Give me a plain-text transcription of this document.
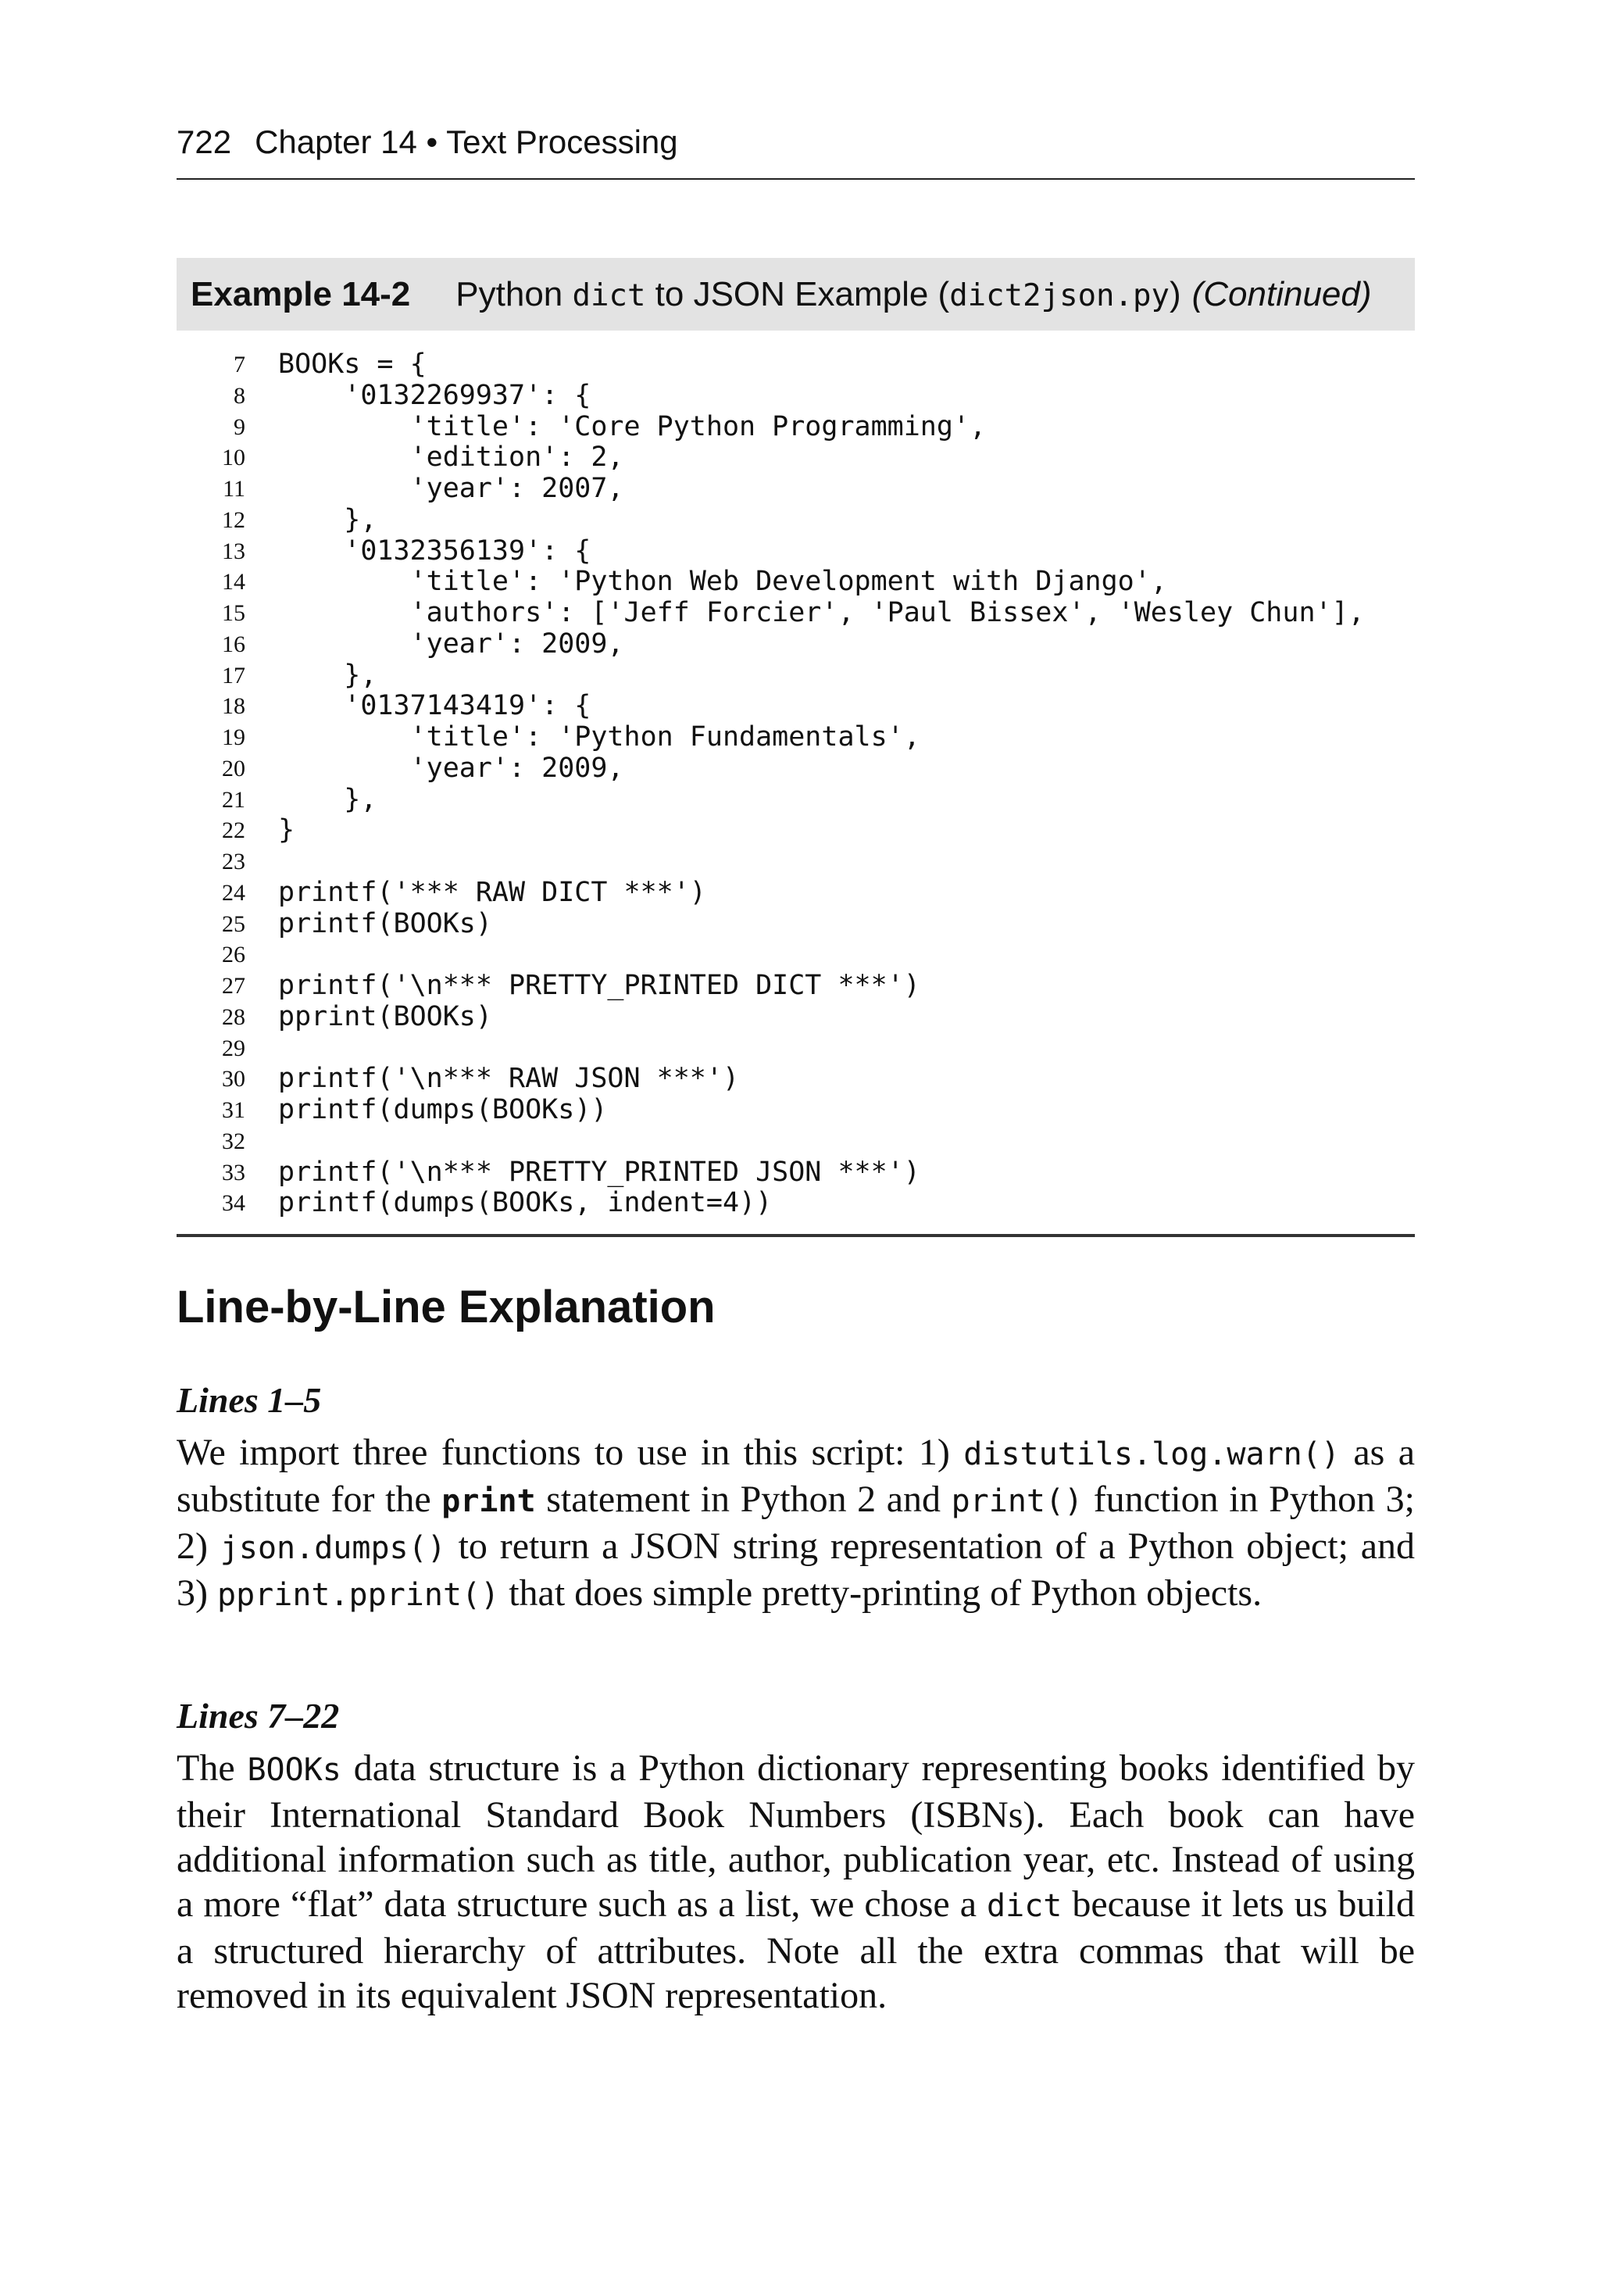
722 Chapter 14 • Text Processing
Example 14-2 Python dict to JSON Example (dict2json.py) (Continued)
7	BOOKs = {
8	'0132269937': {
9	'title': 'Core Python Programming',
10	'edition': 2,
11	'year': 2007,
12	},
13	'0132356139': {
14	'title': 'Python Web Development with Django',
15	'authors': ['Jeff Forcier', 'Paul Bissex', 'Wesley Chun'],
16	'year': 2009,
17	},
18	'0137143419': {
19	'title': 'Python Fundamentals',
20	'year': 2009,
21	},
22	}
23
24	printf('*** RAW DICT ***')
25	printf(BOOKs)
26
27	printf('\n*** PRETTY_PRINTED DICT ***')
28	pprint(BOOKs)
29
30	printf('\n*** RAW JSON ***')
31	printf(dumps(BOOKs))
32
33	printf('\n*** PRETTY_PRINTED JSON ***')
34	printf(dumps(BOOKs, indent=4))
Line-by-Line Explanation
Lines 1–5
We import three functions to use in this script: 1) distutils.log.warn() as a substitute for the print statement in Python 2 and print() function in Python 3; 2) json.dumps() to return a JSON string representation of a Python object; and 3) pprint.pprint() that does simple pretty-printing of Python objects.
Lines 7–22
The BOOKs data structure is a Python dictionary representing books identified by their International Standard Book Numbers (ISBNs). Each book can have additional information such as title, author, publication year, etc. Instead of using a more “flat” data structure such as a list, we chose a dict because it lets us build a structured hierarchy of attributes. Note all the extra commas that will be removed in its equivalent JSON representation.
